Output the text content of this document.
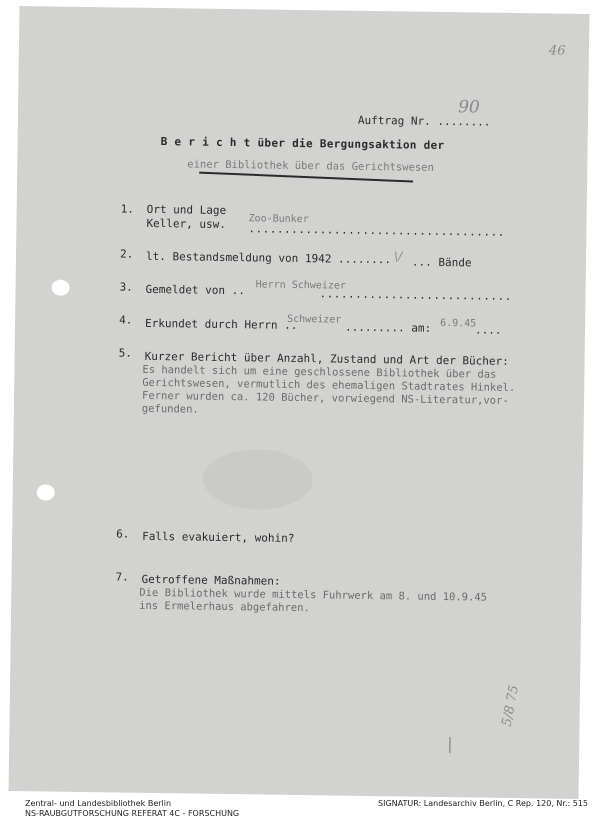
46
Auftrag Nr. ........
90
B e r i c h t über die Bergungsaktion der
einer Bibliothek über das Gerichtswesen
1. Ort und Lage
Keller, usw. Zoo-Bunker
....................................
2. lt. Bestandsmeldung von 1942 ........ \/ ... Bände
3. Gemeldet von .. Herrn Schweizer
...........................
4. Erkundet durch Herrn ..
Schweizer
......... am: 6.9.45
....
5. Kurzer Bericht über Anzahl, Zustand und Art der Bücher:
Es handelt sich um eine geschlossene Bibliothek über das
Gerichtswesen, vermutlich des ehemaligen Stadtrates Hinkel.
Ferner wurden ca. 120 Bücher, vorwiegend NS-Literatur,vor-
gefunden.
6. Falls evakuiert, wohin?
7. Getroffene Maßnahmen:
Die Bibliothek wurde mittels Fuhrwerk am 8. und 10.9.45
ins Ermelerhaus abgefahren.
5/8 75
|
Zentral- und Landesbibliothek Berlin
NS-RAUBGUTFORSCHUNG REFERAT 4C - FORSCHUNG
SIGNATUR: Landesarchiv Berlin, C Rep. 120, Nr.: 515
